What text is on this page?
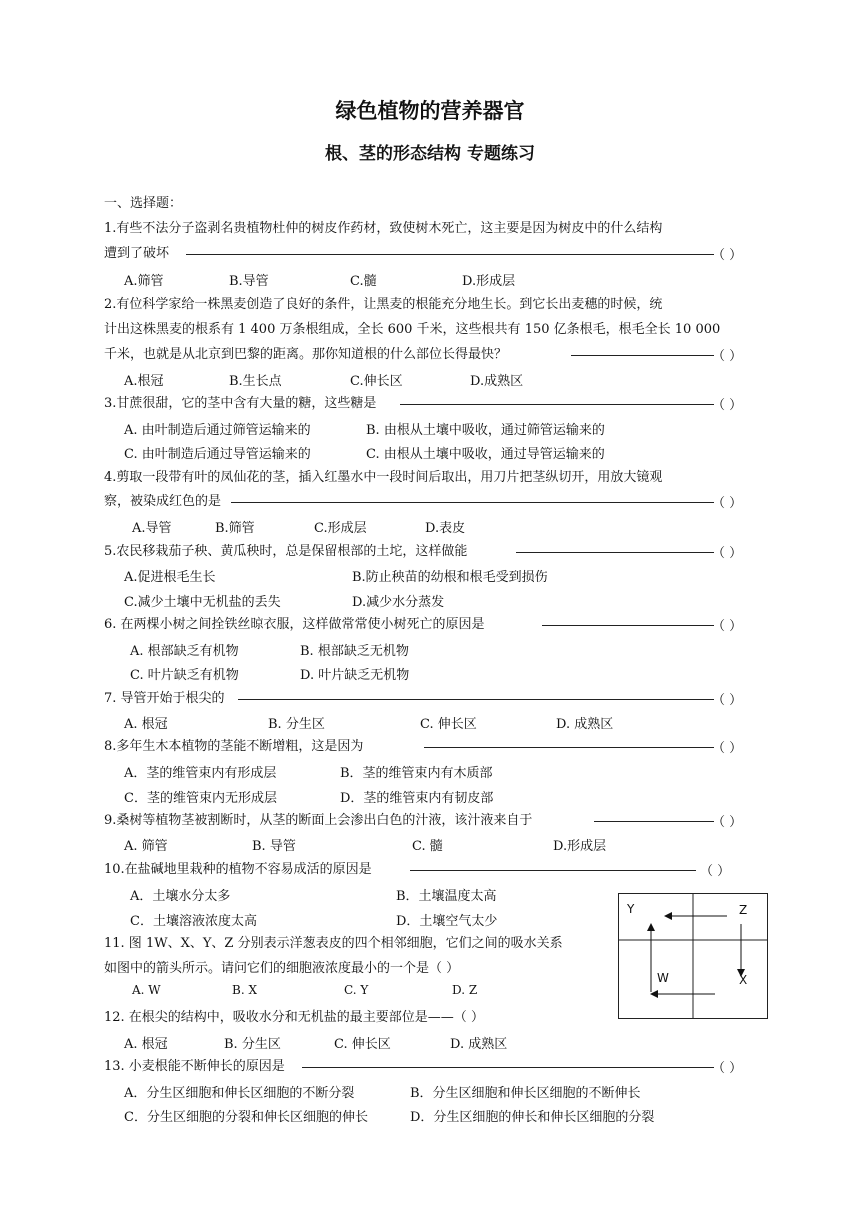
绿色植物的营养器官
根、茎的形态结构 专题练习
一、选择题：
1.有些不法分子盗剥名贵植物杜仲的树皮作药材，致使树木死亡，这主要是因为树皮中的什么结构
遭到了破坏	（ ）
A.筛管	B.导管	C.髓	D.形成层
2.有位科学家给一株黑麦创造了良好的条件，让黑麦的根能充分地生长。到它长出麦穗的时候，统
计出这株黑麦的根系有 1 400 万条根组成，全长 600 千米，这些根共有 150 亿条根毛，根毛全长 10 000
千米，也就是从北京到巴黎的距离。那你知道根的什么部位长得最快？	（ ）
A.根冠	B.生长点	C.伸长区	D.成熟区
3.甘蔗很甜，它的茎中含有大量的糖，这些糖是	（ ）
A. 由叶制造后通过筛管运输来的	B. 由根从土壤中吸收，通过筛管运输来的
C. 由叶制造后通过导管运输来的	C. 由根从土壤中吸收，通过导管运输来的
4.剪取一段带有叶的凤仙花的茎，插入红墨水中一段时间后取出，用刀片把茎纵切开，用放大镜观
察，被染成红色的是	（ ）
A.导管	B.筛管	C.形成层	D.表皮
5.农民移栽茄子秧、黄瓜秧时，总是保留根部的土坨，这样做能	（ ）
A.促进根毛生长	B.防止秧苗的幼根和根毛受到损伤
C.减少土壤中无机盐的丢失	D.减少水分蒸发
6. 在两棵小树之间拴铁丝晾衣服，这样做常常使小树死亡的原因是	（ ）
A. 根部缺乏有机物	B. 根部缺乏无机物
C. 叶片缺乏有机物	D. 叶片缺乏无机物
7. 导管开始于根尖的	（ ）
A. 根冠	B. 分生区	C. 伸长区	D. 成熟区
8.多年生木本植物的茎能不断增粗，这是因为	（ ）
A．茎的维管束内有形成层	B．茎的维管束内有木质部
C．茎的维管束内无形成层	D．茎的维管束内有韧皮部
9.桑树等植物茎被割断时，从茎的断面上会渗出白色的汁液，该汁液来自于	（ ）
A. 筛管	B. 导管	C. 髓	D.形成层
10.在盐碱地里栽种的植物不容易成活的原因是	（ ）
A．土壤水分太多	B．土壤温度太高
C．土壤溶液浓度太高	D．土壤空气太少
11. 图 1W、X、Y、Z 分别表示洋葱表皮的四个相邻细胞，它们之间的吸水关系
如图中的箭头所示。请问它们的细胞液浓度最小的一个是（ ）
A. W	B. X	C. Y	D. Z
Y	Z
W	X
12. 在根尖的结构中，吸收水分和无机盐的最主要部位是——（ ）
A. 根冠	B. 分生区	C. 伸长区	D. 成熟区
13. 小麦根能不断伸长的原因是	（ ）
A．分生区细胞和伸长区细胞的不断分裂	B．分生区细胞和伸长区细胞的不断伸长
C．分生区细胞的分裂和伸长区细胞的伸长	D．分生区细胞的伸长和伸长区细胞的分裂
